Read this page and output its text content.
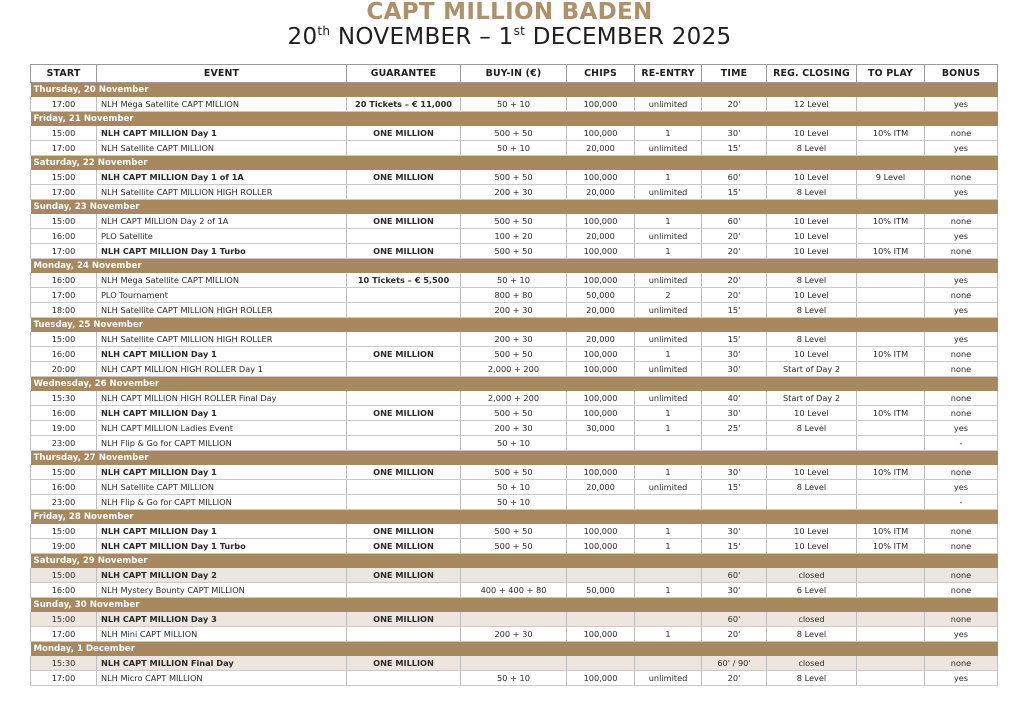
CAPT MILLION BADEN
20th NOVEMBER – 1st DECEMBER 2025
START	EVENT	GUARANTEE	BUY-IN (€)	CHIPS	RE-ENTRY	TIME	REG. CLOSING	TO PLAY	BONUS
Thursday, 20 November									
17:00	NLH Mega Satellite CAPT MILLION	20 Tickets – € 11,000	50 + 10	100,000	unlimited	20'	12 Level		yes
Friday, 21 November									
15:00	NLH CAPT MILLION Day 1	ONE MILLION	500 + 50	100,000	1	30'	10 Level	10% ITM	none
17:00	NLH Satellite CAPT MILLION		50 + 10	20,000	unlimited	15'	8 Level		yes
Saturday, 22 November									
15:00	NLH CAPT MILLION Day 1 of 1A	ONE MILLION	500 + 50	100,000	1	60'	10 Level	9 Level	none
17:00	NLH Satellite CAPT MILLION HIGH ROLLER		200 + 30	20,000	unlimited	15'	8 Level		yes
Sunday, 23 November									
15:00	NLH CAPT MILLION Day 2 of 1A	ONE MILLION	500 + 50	100,000	1	60'	10 Level	10% ITM	none
16:00	PLO Satellite		100 + 20	20,000	unlimited	20'	10 Level		yes
17:00	NLH CAPT MILLION Day 1 Turbo	ONE MILLION	500 + 50	100,000	1	20'	10 Level	10% ITM	none
Monday, 24 November									
16:00	NLH Mega Satellite CAPT MILLION	10 Tickets – € 5,500	50 + 10	100,000	unlimited	20'	8 Level		yes
17:00	PLO Tournament		800 + 80	50,000	2	20'	10 Level		none
18:00	NLH Satellite CAPT MILLION HIGH ROLLER		200 + 30	20,000	unlimited	15'	8 Level		yes
Tuesday, 25 November									
15:00	NLH Satellite CAPT MILLION HIGH ROLLER		200 + 30	20,000	unlimited	15'	8 Level		yes
16:00	NLH CAPT MILLION Day 1	ONE MILLION	500 + 50	100,000	1	30'	10 Level	10% ITM	none
20:00	NLH CAPT MILLION HIGH ROLLER Day 1		2,000 + 200	100,000	unlimited	30'	Start of Day 2		none
Wednesday, 26 November									
15:30	NLH CAPT MILLION HIGH ROLLER Final Day		2,000 + 200	100,000	unlimited	40'	Start of Day 2		none
16:00	NLH CAPT MILLION Day 1	ONE MILLION	500 + 50	100,000	1	30'	10 Level	10% ITM	none
19:00	NLH CAPT MILLION Ladies Event		200 + 30	30,000	1	25'	8 Level		yes
23:00	NLH Flip & Go for CAPT MILLION		50 + 10						-
Thursday, 27 November									
15:00	NLH CAPT MILLION Day 1	ONE MILLION	500 + 50	100,000	1	30'	10 Level	10% ITM	none
16:00	NLH Satellite CAPT MILLION		50 + 10	20,000	unlimited	15'	8 Level		yes
23:00	NLH Flip & Go for CAPT MILLION		50 + 10						-
Friday, 28 November									
15:00	NLH CAPT MILLION Day 1	ONE MILLION	500 + 50	100,000	1	30'	10 Level	10% ITM	none
19:00	NLH CAPT MILLION Day 1 Turbo	ONE MILLION	500 + 50	100,000	1	15'	10 Level	10% ITM	none
Saturday, 29 November									
15:00	NLH CAPT MILLION Day 2	ONE MILLION				60'	closed		none
16:00	NLH Mystery Bounty CAPT MILLION		400 + 400 + 80	50,000	1	30'	6 Level		none
Sunday, 30 November									
15:00	NLH CAPT MILLION Day 3	ONE MILLION				60'	closed		none
17:00	NLH Mini CAPT MILLION		200 + 30	100,000	1	20'	8 Level		yes
Monday, 1 December									
15:30	NLH CAPT MILLION Final Day	ONE MILLION				60' / 90'	closed		none
17:00	NLH Micro CAPT MILLION		50 + 10	100,000	unlimited	20'	8 Level		yes
